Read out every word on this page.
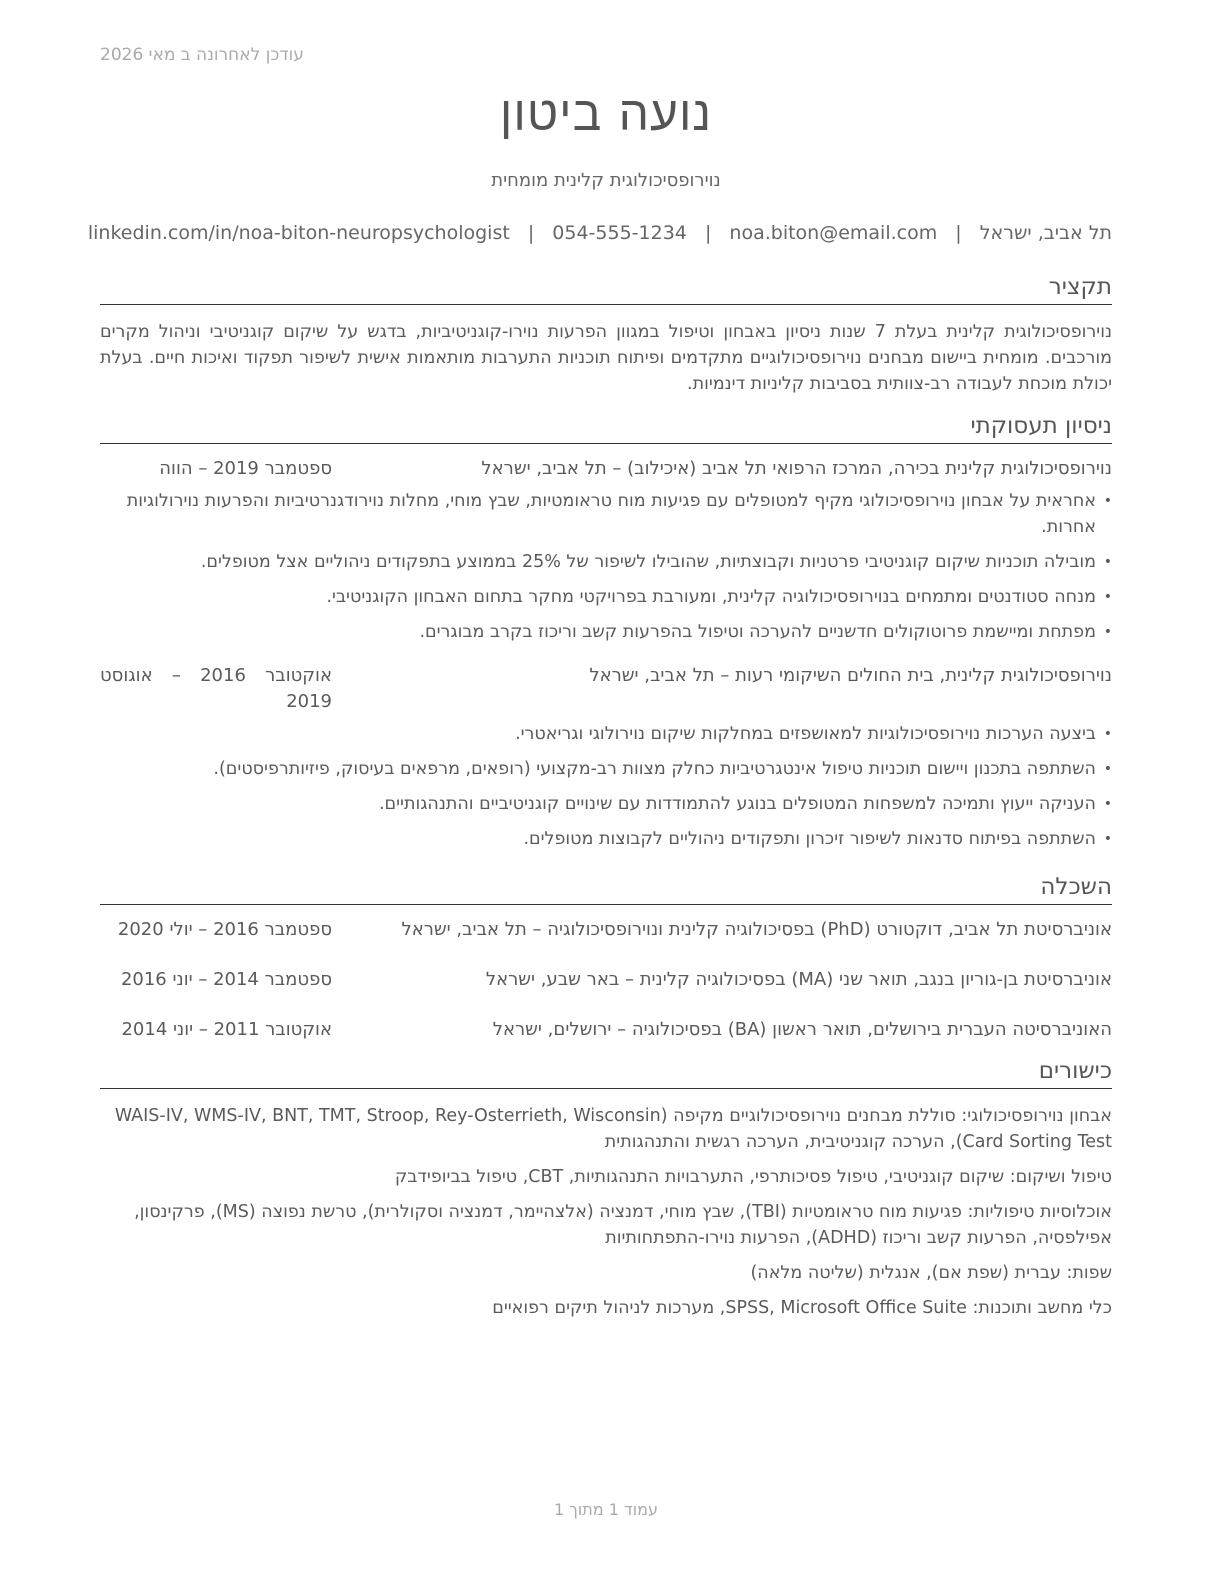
עודכן לאחרונה ב מאי 2026
נועה ביטון
נוירופסיכולוגית קלינית מומחית
תל אביב, ישראל | noa.biton@email.com | 054-555-1234 | linkedin.com/in/noa-biton-neuropsychologist
תקציר

נוירופסיכולוגית קלינית בעלת 7 שנות ניסיון באבחון וטיפול במגוון הפרעות נוירו-קוגניטיביות, בדגש על שיקום קוגניטיבי וניהול מקרים מורכבים. מומחית ביישום מבחנים נוירופסיכולוגיים מתקדמים ופיתוח תוכניות התערבות מותאמות אישית לשיפור תפקוד ואיכות חיים. בעלת יכולת מוכחת לעבודה רב-צוותית בסביבות קליניות דינמיות.

ניסיון תעסוקתי
נוירופסיכולוגית קלינית בכירה, המרכז הרפואי תל אביב (איכילוב) – תל אביב, ישראל
ספטמבר 2019 – הווה
• אחראית על אבחון נוירופסיכולוגי מקיף למטופלים עם פגיעות מוח טראומטיות, שבץ מוחי, מחלות נוירודגנרטיביות והפרעות נוירולוגיות אחרות.
• מובילה תוכניות שיקום קוגניטיבי פרטניות וקבוצתיות, שהובילו לשיפור של 25% בממוצע בתפקודים ניהוליים אצל מטופלים.
• מנחה סטודנטים ומתמחים בנוירופסיכולוגיה קלינית, ומעורבת בפרויקטי מחקר בתחום האבחון הקוגניטיבי.
• מפתחת ומיישמת פרוטוקולים חדשניים להערכה וטיפול בהפרעות קשב וריכוז בקרב מבוגרים.
נוירופסיכולוגית קלינית, בית החולים השיקומי רעות – תל אביב, ישראל
אוקטובר 2016 – אוגוסט 2019
• ביצעה הערכות נוירופסיכולוגיות למאושפזים במחלקות שיקום נוירולוגי וגריאטרי.
• השתתפה בתכנון ויישום תוכניות טיפול אינטגרטיביות כחלק מצוות רב-מקצועי (רופאים, מרפאים בעיסוק, פיזיותרפיסטים).
• העניקה ייעוץ ותמיכה למשפחות המטופלים בנוגע להתמודדות עם שינויים קוגניטיביים והתנהגותיים.
• השתתפה בפיתוח סדנאות לשיפור זיכרון ותפקודים ניהוליים לקבוצות מטופלים.
השכלה
אוניברסיטת תל אביב, דוקטורט (PhD) בפסיכולוגיה קלינית ונוירופסיכולוגיה – תל אביב, ישראל
ספטמבר 2016 – יולי 2020
אוניברסיטת בן-גוריון בנגב, תואר שני (MA) בפסיכולוגיה קלינית – באר שבע, ישראל
ספטמבר 2014 – יוני 2016
האוניברסיטה העברית בירושלים, תואר ראשון (BA) בפסיכולוגיה – ירושלים, ישראל
אוקטובר 2011 – יוני 2014
כישורים
אבחון נוירופסיכולוגי: סוללת מבחנים נוירופסיכולוגיים מקיפה (WAIS-IV, WMS-IV, BNT, TMT, Stroop, Rey-Osterrieth, Wisconsin Card Sorting Test), הערכה קוגניטיבית, הערכה רגשית והתנהגותית
טיפול ושיקום: שיקום קוגניטיבי, טיפול פסיכותרפי, התערבויות התנהגותיות, CBT, טיפול בביופידבק
אוכלוסיות טיפוליות: פגיעות מוח טראומטיות (TBI), שבץ מוחי, דמנציה (אלצהיימר, דמנציה וסקולרית), טרשת נפוצה (MS), פרקינסון, אפילפסיה, הפרעות קשב וריכוז (ADHD), הפרעות נוירו-התפתחותיות
שפות: עברית (שפת אם), אנגלית (שליטה מלאה)
כלי מחשב ותוכנות: SPSS, Microsoft Office Suite, מערכות לניהול תיקים רפואיים
עמוד 1 מתוך 1
